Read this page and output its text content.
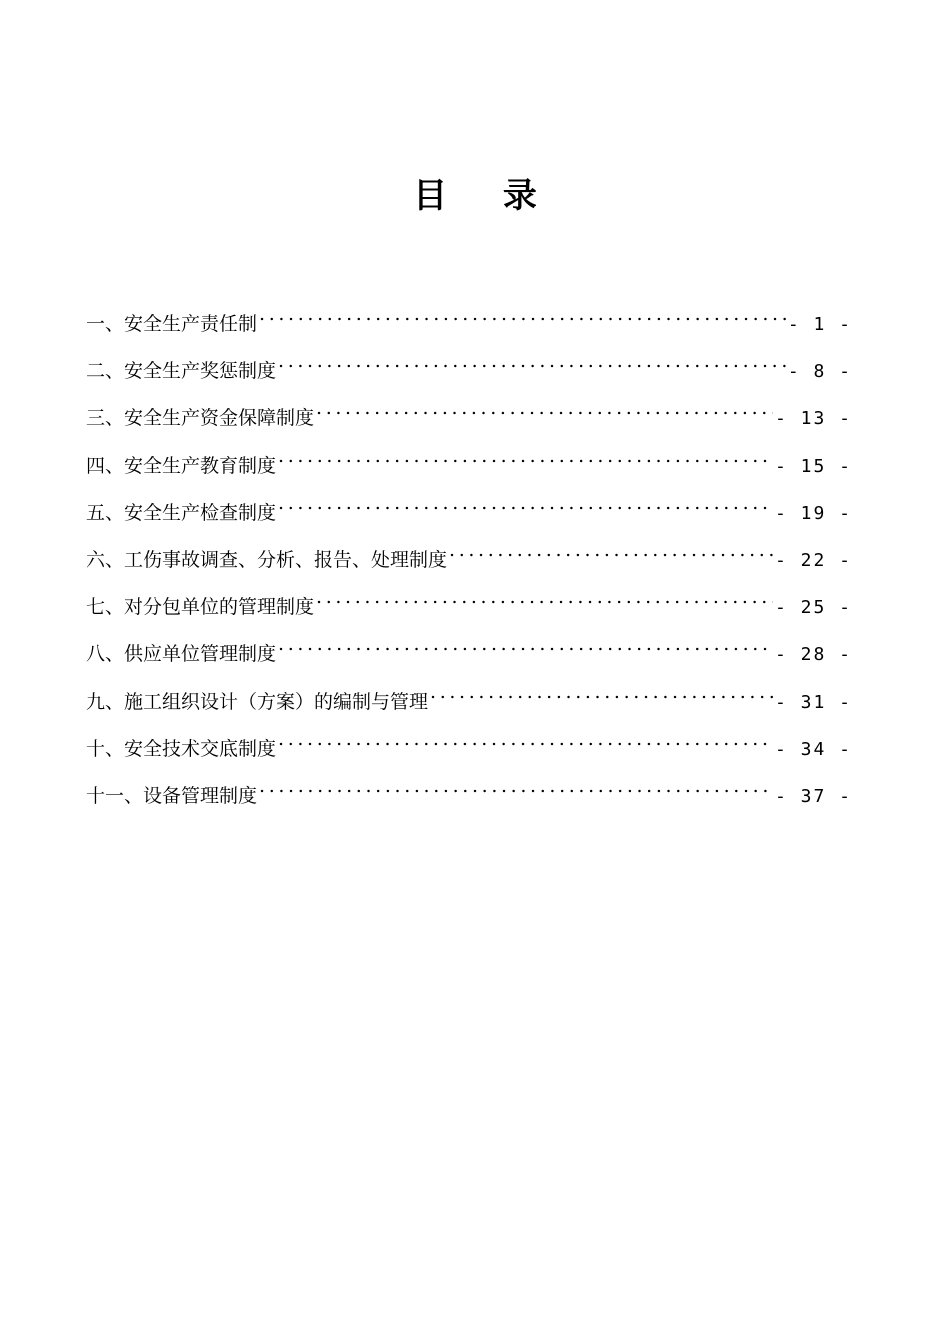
目 录
一、安全生产责任制 . . .	- 1 -
二、安全生产奖惩制度 . . .	- 8 -
三、安全生产资金保障制度 . . .	- 13 -
四、安全生产教育制度 . . .	- 15 -
五、安全生产检查制度 . . .	- 19 -
六、工伤事故调查、分析、报告、处理制度 . . .	- 22 -
七、对分包单位的管理制度 . . .	- 25 -
八、供应单位管理制度 . . .	- 28 -
九、施工组织设计（方案）的编制与管理 . . .	- 31 -
十、安全技术交底制度 . . .	- 34 -
十一、设备管理制度 . . .	- 37 -
